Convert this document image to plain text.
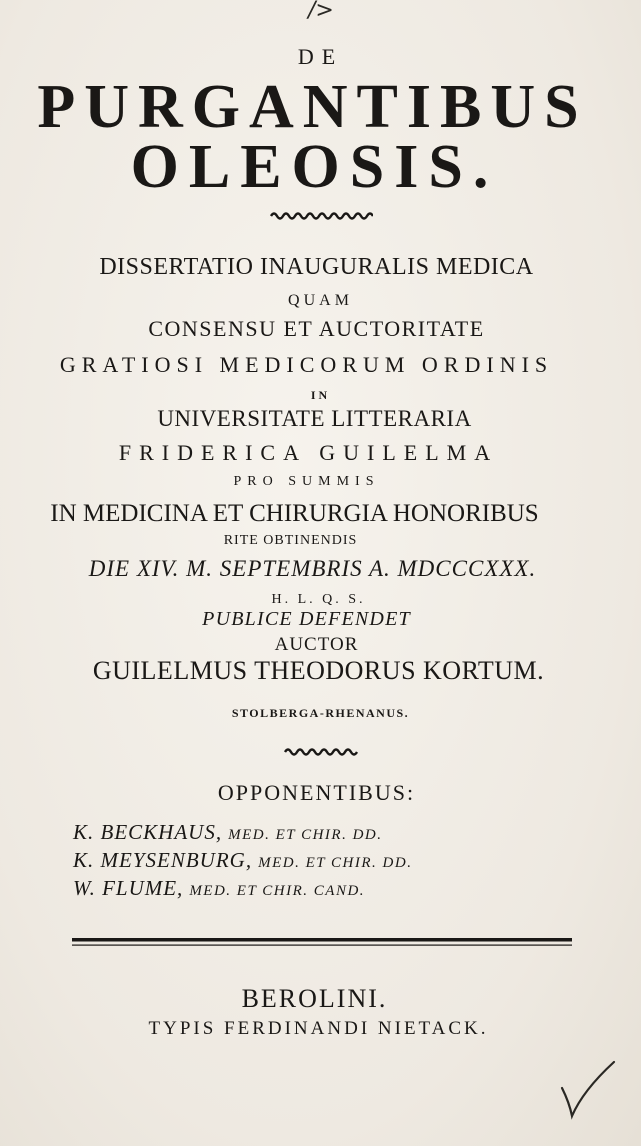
/>
DE
PURGANTIBUS
OLEOSIS.
DISSERTATIO INAUGURALIS MEDICA
QUAM
CONSENSU ET AUCTORITATE
GRATIOSI MEDICORUM ORDINIS
IN
UNIVERSITATE LITTERARIA
FRIDERICA GUILELMA
PRO SUMMIS
IN MEDICINA ET CHIRURGIA HONORIBUS
RITE OBTINENDIS
DIE XIV. M. SEPTEMBRIS A. MDCCCXXX.
H. L. Q. S.
PUBLICE DEFENDET
AUCTOR
GUILELMUS THEODORUS KORTUM.
STOLBERGA-RHENANUS.
OPPONENTIBUS:
K. BECKHAUS, MED. ET CHIR. DD.
K. MEYSENBURG, MED. ET CHIR. DD.
W. FLUME, MED. ET CHIR. CAND.
BEROLINI.
TYPIS FERDINANDI NIETACK.
